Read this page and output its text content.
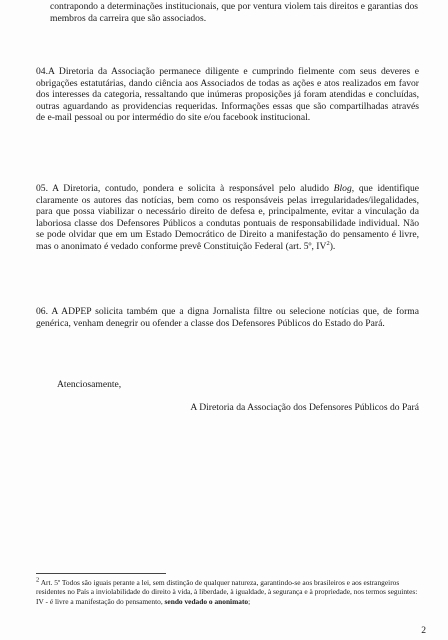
contrapondo a determinações institucionais, que por ventura violem tais direitos e garantias dos membros da carreira que são associados.

04.A Diretoria da Associação permanece diligente e cumprindo fielmente com seus deveres e obrigações estatutárias, dando ciência aos Associados de todas as ações e atos realizados em favor dos interesses da categoria, ressaltando que inúmeras proposições já foram atendidas e concluídas, outras aguardando as providencias requeridas. Informações essas que são compartilhadas através de e-mail pessoal ou por intermédio do site e/ou facebook institucional.

05. A Diretoria, contudo, pondera e solicita à responsável pelo aludido Blog, que identifique claramente os autores das notícias, bem como os responsáveis pelas irregularidades/ilegalidades, para que possa viabilizar o necessário direito de defesa e, principalmente, evitar a vinculação da laboriosa classe dos Defensores Públicos a condutas pontuais de responsabilidade individual. Não se pode olvidar que em um Estado Democrático de Direito a manifestação do pensamento é livre, mas o anonimato é vedado conforme prevê Constituição Federal (art. 5º, $IV^2$).

06. A ADPEP solicita também que a digna Jornalista filtre ou selecione notícias que, de forma genérica, venham denegrir ou ofender a classe dos Defensores Públicos do Estado do Pará.

Atenciosamente,
A Diretoria da Associação dos Defensores Públicos do Pará

$^2$ Art. 5º Todos são iguais perante a lei, sem distinção de qualquer natureza, garantindo-se aos brasileiros e aos estrangeiros residentes no País a inviolabilidade do direito à vida, à liberdade, à igualdade, à segurança e à propriedade, nos termos seguintes:
IV - é livre a manifestação do pensamento, sendo vedado o anonimato;

2
